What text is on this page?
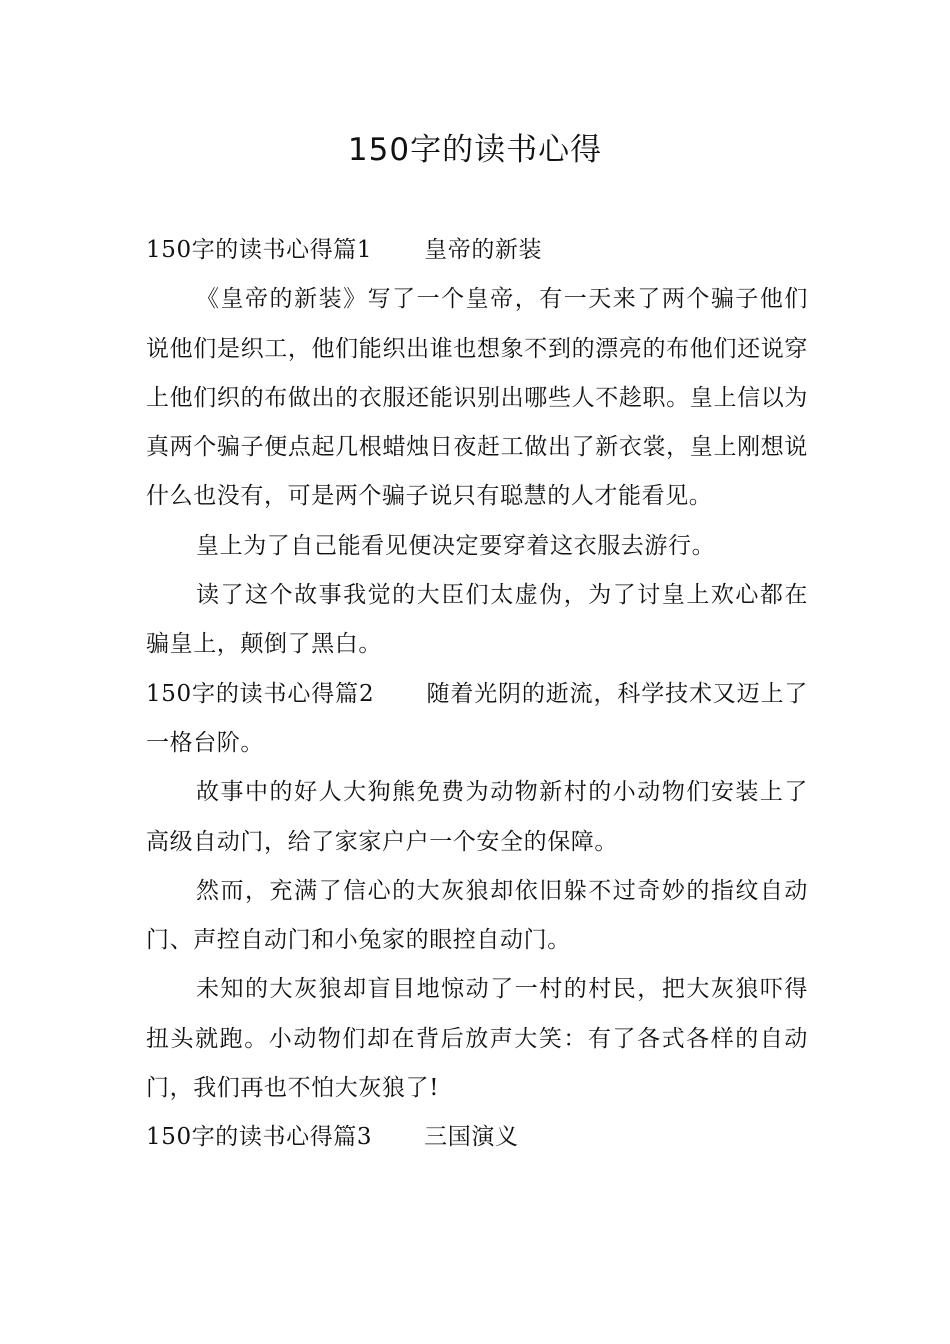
150字的读书心得

150字的读书心得篇1 皇帝的新装

《皇帝的新装》写了一个皇帝，有一天来了两个骗子他们说他们是织工，他们能织出谁也想象不到的漂亮的布他们还说穿上他们织的布做出的衣服还能识别出哪些人不趁职。皇上信以为真两个骗子便点起几根蜡烛日夜赶工做出了新衣裳，皇上刚想说什么也没有，可是两个骗子说只有聪慧的人才能看见。

皇上为了自己能看见便决定要穿着这衣服去游行。

读了这个故事我觉的大臣们太虚伪，为了讨皇上欢心都在骗皇上，颠倒了黑白。

150字的读书心得篇2 随着光阴的逝流，科学技术又迈上了一格台阶。

故事中的好人大狗熊免费为动物新村的小动物们安装上了高级自动门，给了家家户户一个安全的保障。

然而，充满了信心的大灰狼却依旧躲不过奇妙的指纹自动门、声控自动门和小兔家的眼控自动门。

未知的大灰狼却盲目地惊动了一村的村民，把大灰狼吓得扭头就跑。小动物们却在背后放声大笑：有了各式各样的自动门，我们再也不怕大灰狼了!

150字的读书心得篇3 三国演义
